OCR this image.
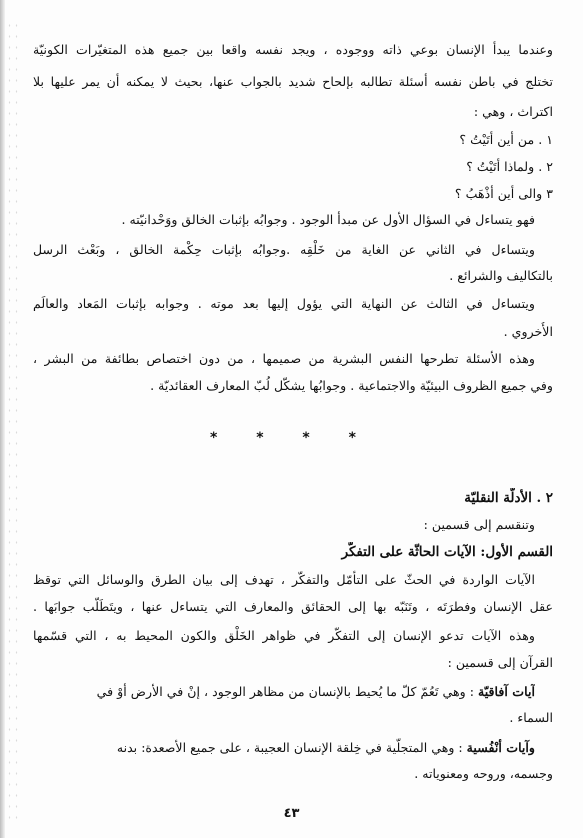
وعندما يبدأ الإنسان بوعي ذاته ووجوده ، ويجد نفسه واقعا بين جميع هذه المتغيّرات الكونيّة
تختلج في باطن نفسه أسئلة تطالبه بإلحاح شديد بالجواب عنها، بحيث لا يمكنه أن يمر عليها بلا
اكتراث ، وهي :
١ . من أين أتَيْتُ ؟
٢ . ولماذا أتَيْتُ ؟
٣ والى أين أذْهَبُ ؟
فهو يتساءل في السؤال الأول عن مبدأ الوجود . وجوابُه بإثبات الخالق ووَحْدانيّته .
ويتساءل في الثاني عن الغاية من خَلْقِه .وجوابُه بإثبات حِكْمة الخالق ، وبَعْث الرسل
بالتكاليف والشرائع .
ويتساءل في الثالث عن النهاية التي يؤول إليها بعد موته . وجوابه بإثبات المَعاد والعالَم
الأُخروي .
وهذه الأسئلة تطرحها النفس البشرية من صميمها ، من دون اختصاص بطائفة من البشر ،
وفي جميع الظروف البيئيّة والاجتماعية . وجوابُها يشكّل لُبّ المعارف العقائديّة .
* * * *
٢ . الأدلّة النقليّة
وتنقسم إلى قسمين :
القسم الأول: الآيات الحاثّة على التفكّر
الآيات الواردة في الحثّ على التأمّل والتفكّر ، تهدف إلى بيان الطرق والوسائل التي توقظ
عقل الإنسان وفطرَتَه ، وتَنَبّه بها إلى الحقائق والمعارف التي يتساءل عنها ، ويتَطَلّب جوابَها .
وهذه الآيات تدعو الإنسان إلى التفكّر في ظواهر الخَلْق والكون المحيط به ، التي قسّمها
القرآن إلى قسمين :
آيات آفاقيّة : وهي تَعُمّ كلّ ما يُحيط بالإنسان من مظاهر الوجود ، إنْ في الأرض أوْ في
السماء .
وآيات أنْفُسية : وهي المتجلّية في خِلقة الإنسان العجيبة ، على جميع الأصعدة: بدنه
وجسمه، وروحه ومعنوياته .
٤٣
